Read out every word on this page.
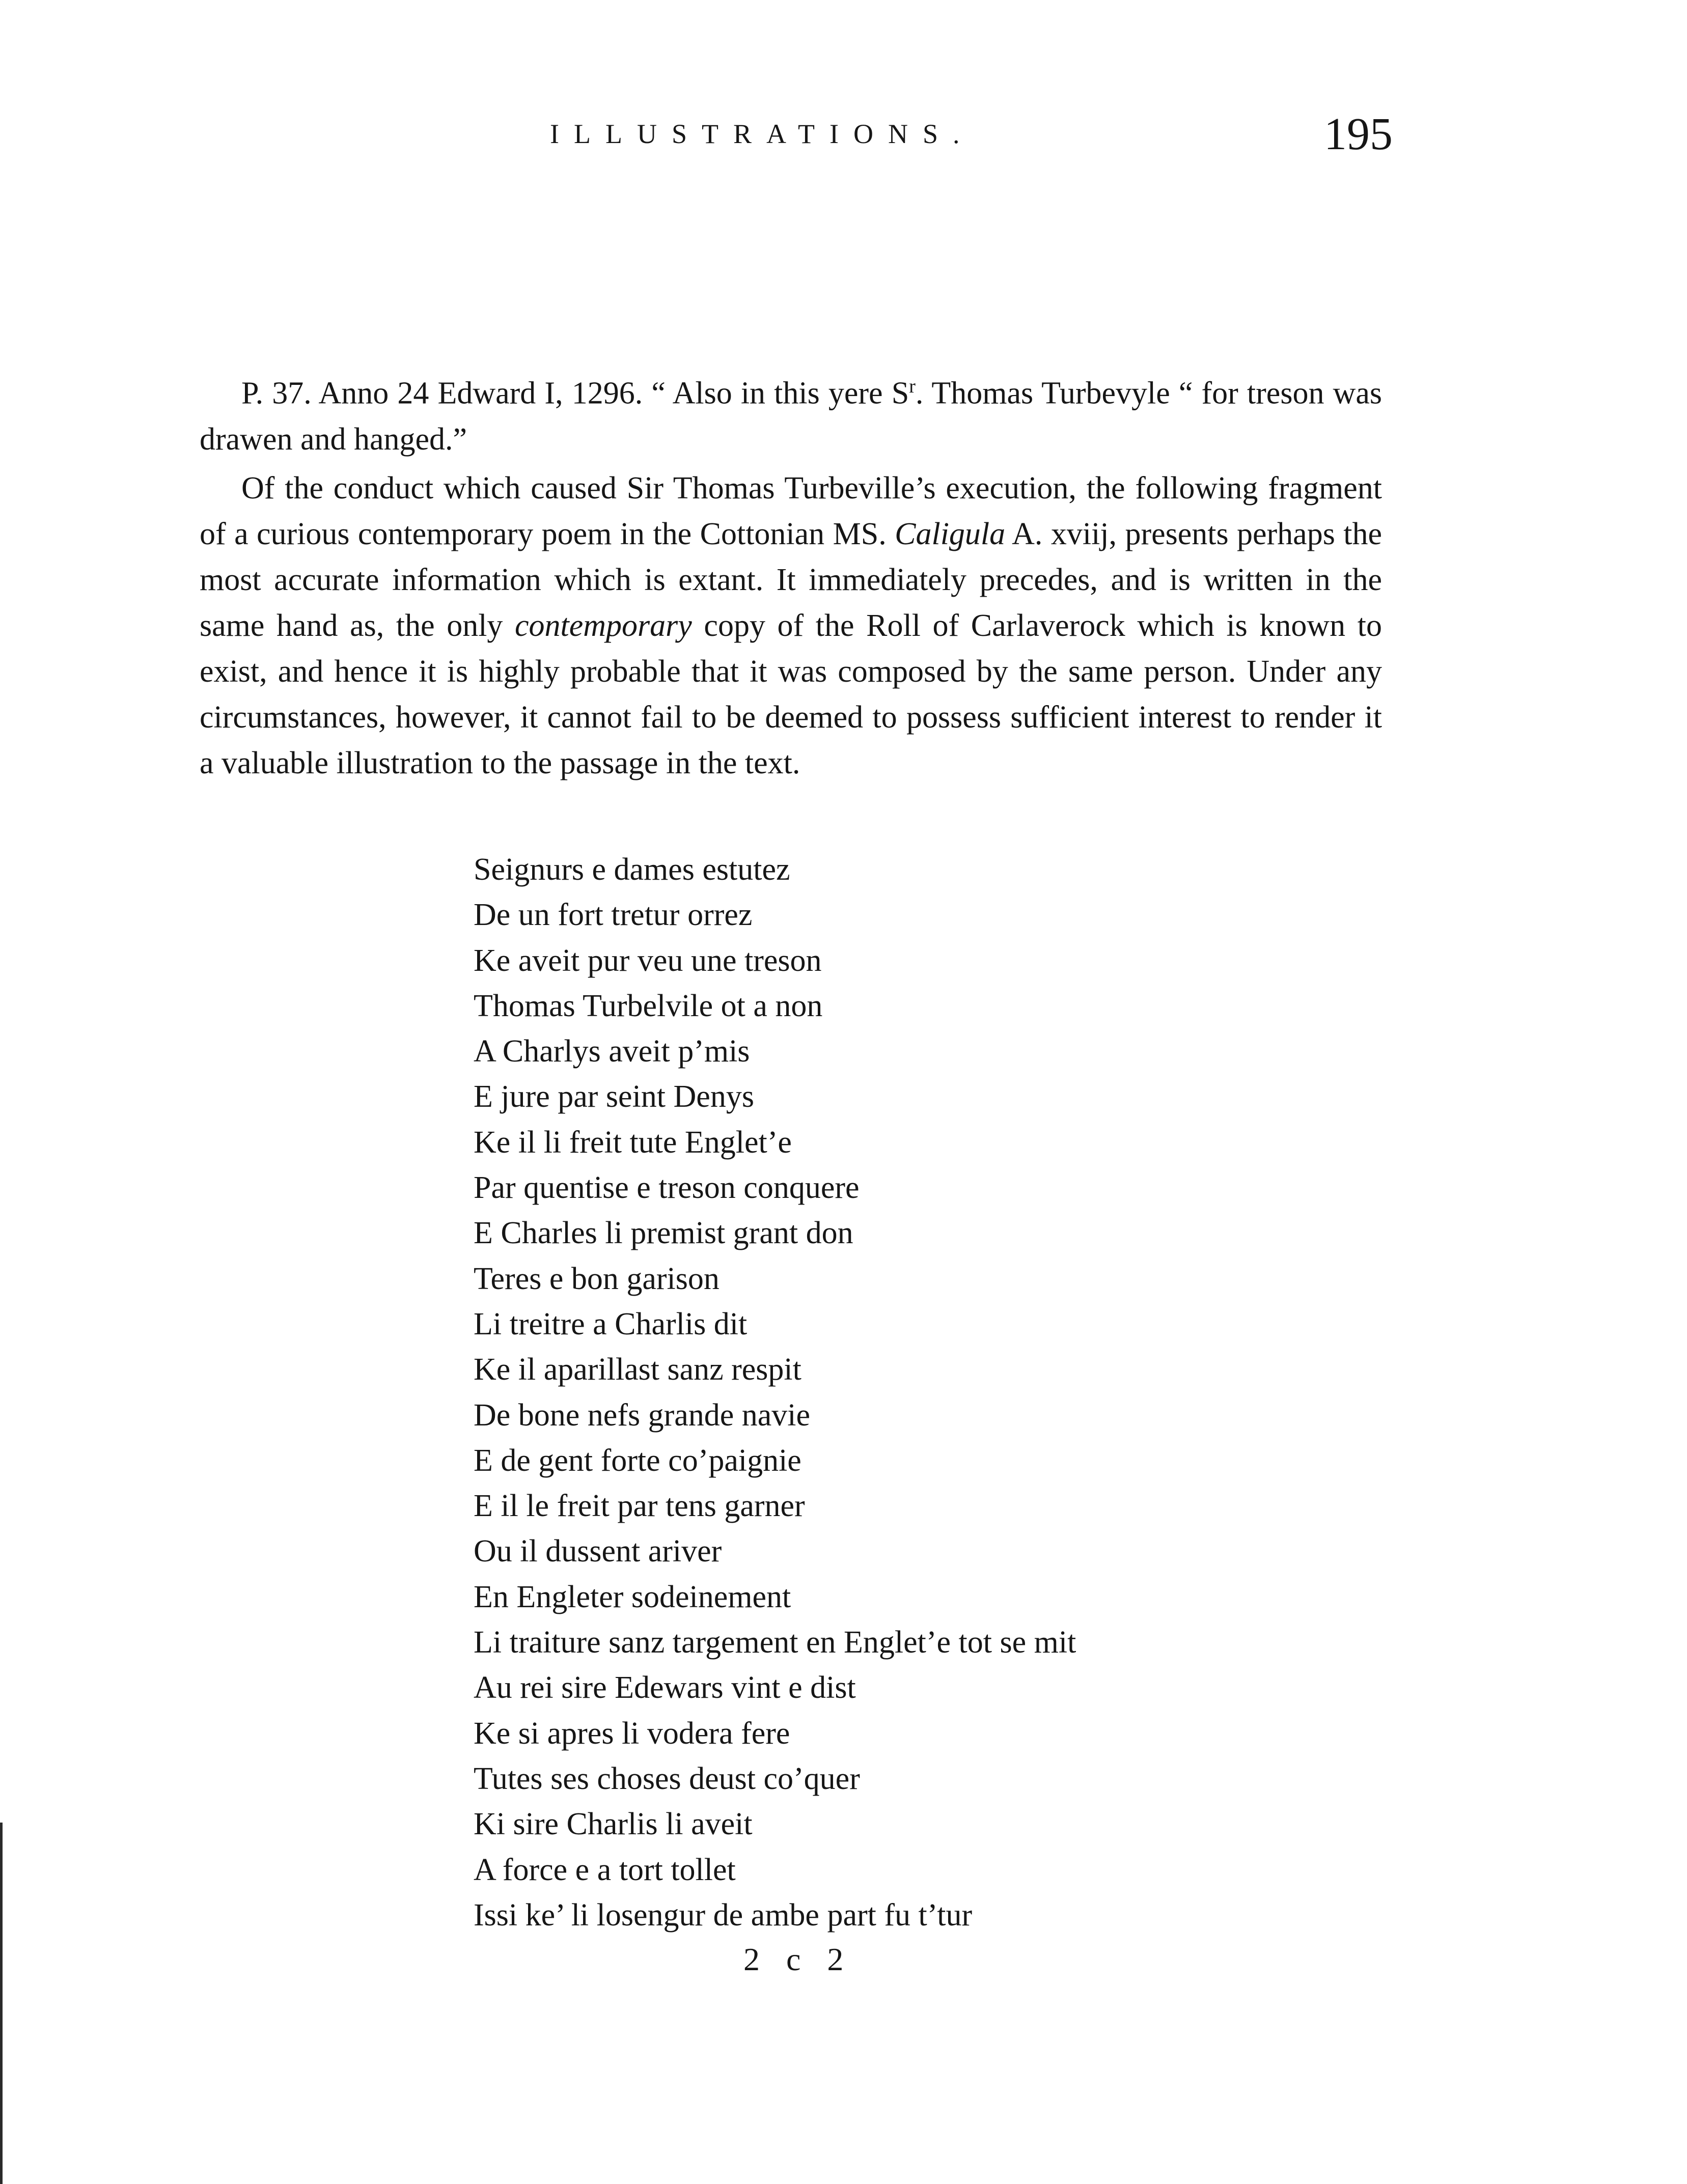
ILLUSTRATIONS.	195

P. 37. Anno 24 Edward I, 1296. “ Also in this yere $S^r$. Thomas Turbevyle “ for treson was drawen and hanged.”

Of the conduct which caused Sir Thomas Turbeville’s execution, the following fragment of a curious contemporary poem in the Cottonian MS. Caligula A. xviij, presents perhaps the most accurate information which is extant. It immediately precedes, and is written in the same hand as, the only contemporary copy of the Roll of Carlaverock which is known to exist, and hence it is highly probable that it was composed by the same person. Under any circumstances, however, it cannot fail to be deemed to possess sufficient interest to render it a valuable illustration to the passage in the text.

Seignurs e dames estutez
De un fort tretur orrez
Ke aveit pur veu une treson
Thomas Turbelvile ot a non
A Charlys aveit p’mis
E jure par seint Denys
Ke il li freit tute Englet’e
Par quentise e treson conquere
E Charles li premist grant don
Teres e bon garison
Li treitre a Charlis dit
Ke il aparillast sanz respit
De bone nefs grande navie
E de gent forte co’paignie
E il le freit par tens garner
Ou il dussent ariver
En Engleter sodeinement
Li traiture sanz targement en Englet’e tot se mit
Au rei sire Edewars vint e dist
Ke si apres li vodera fere
Tutes ses choses deust co’quer
Ki sire Charlis li aveit
A force e a tort tollet
Issi ke’ li losengur de ambe part fu t’tur
2 c 2
